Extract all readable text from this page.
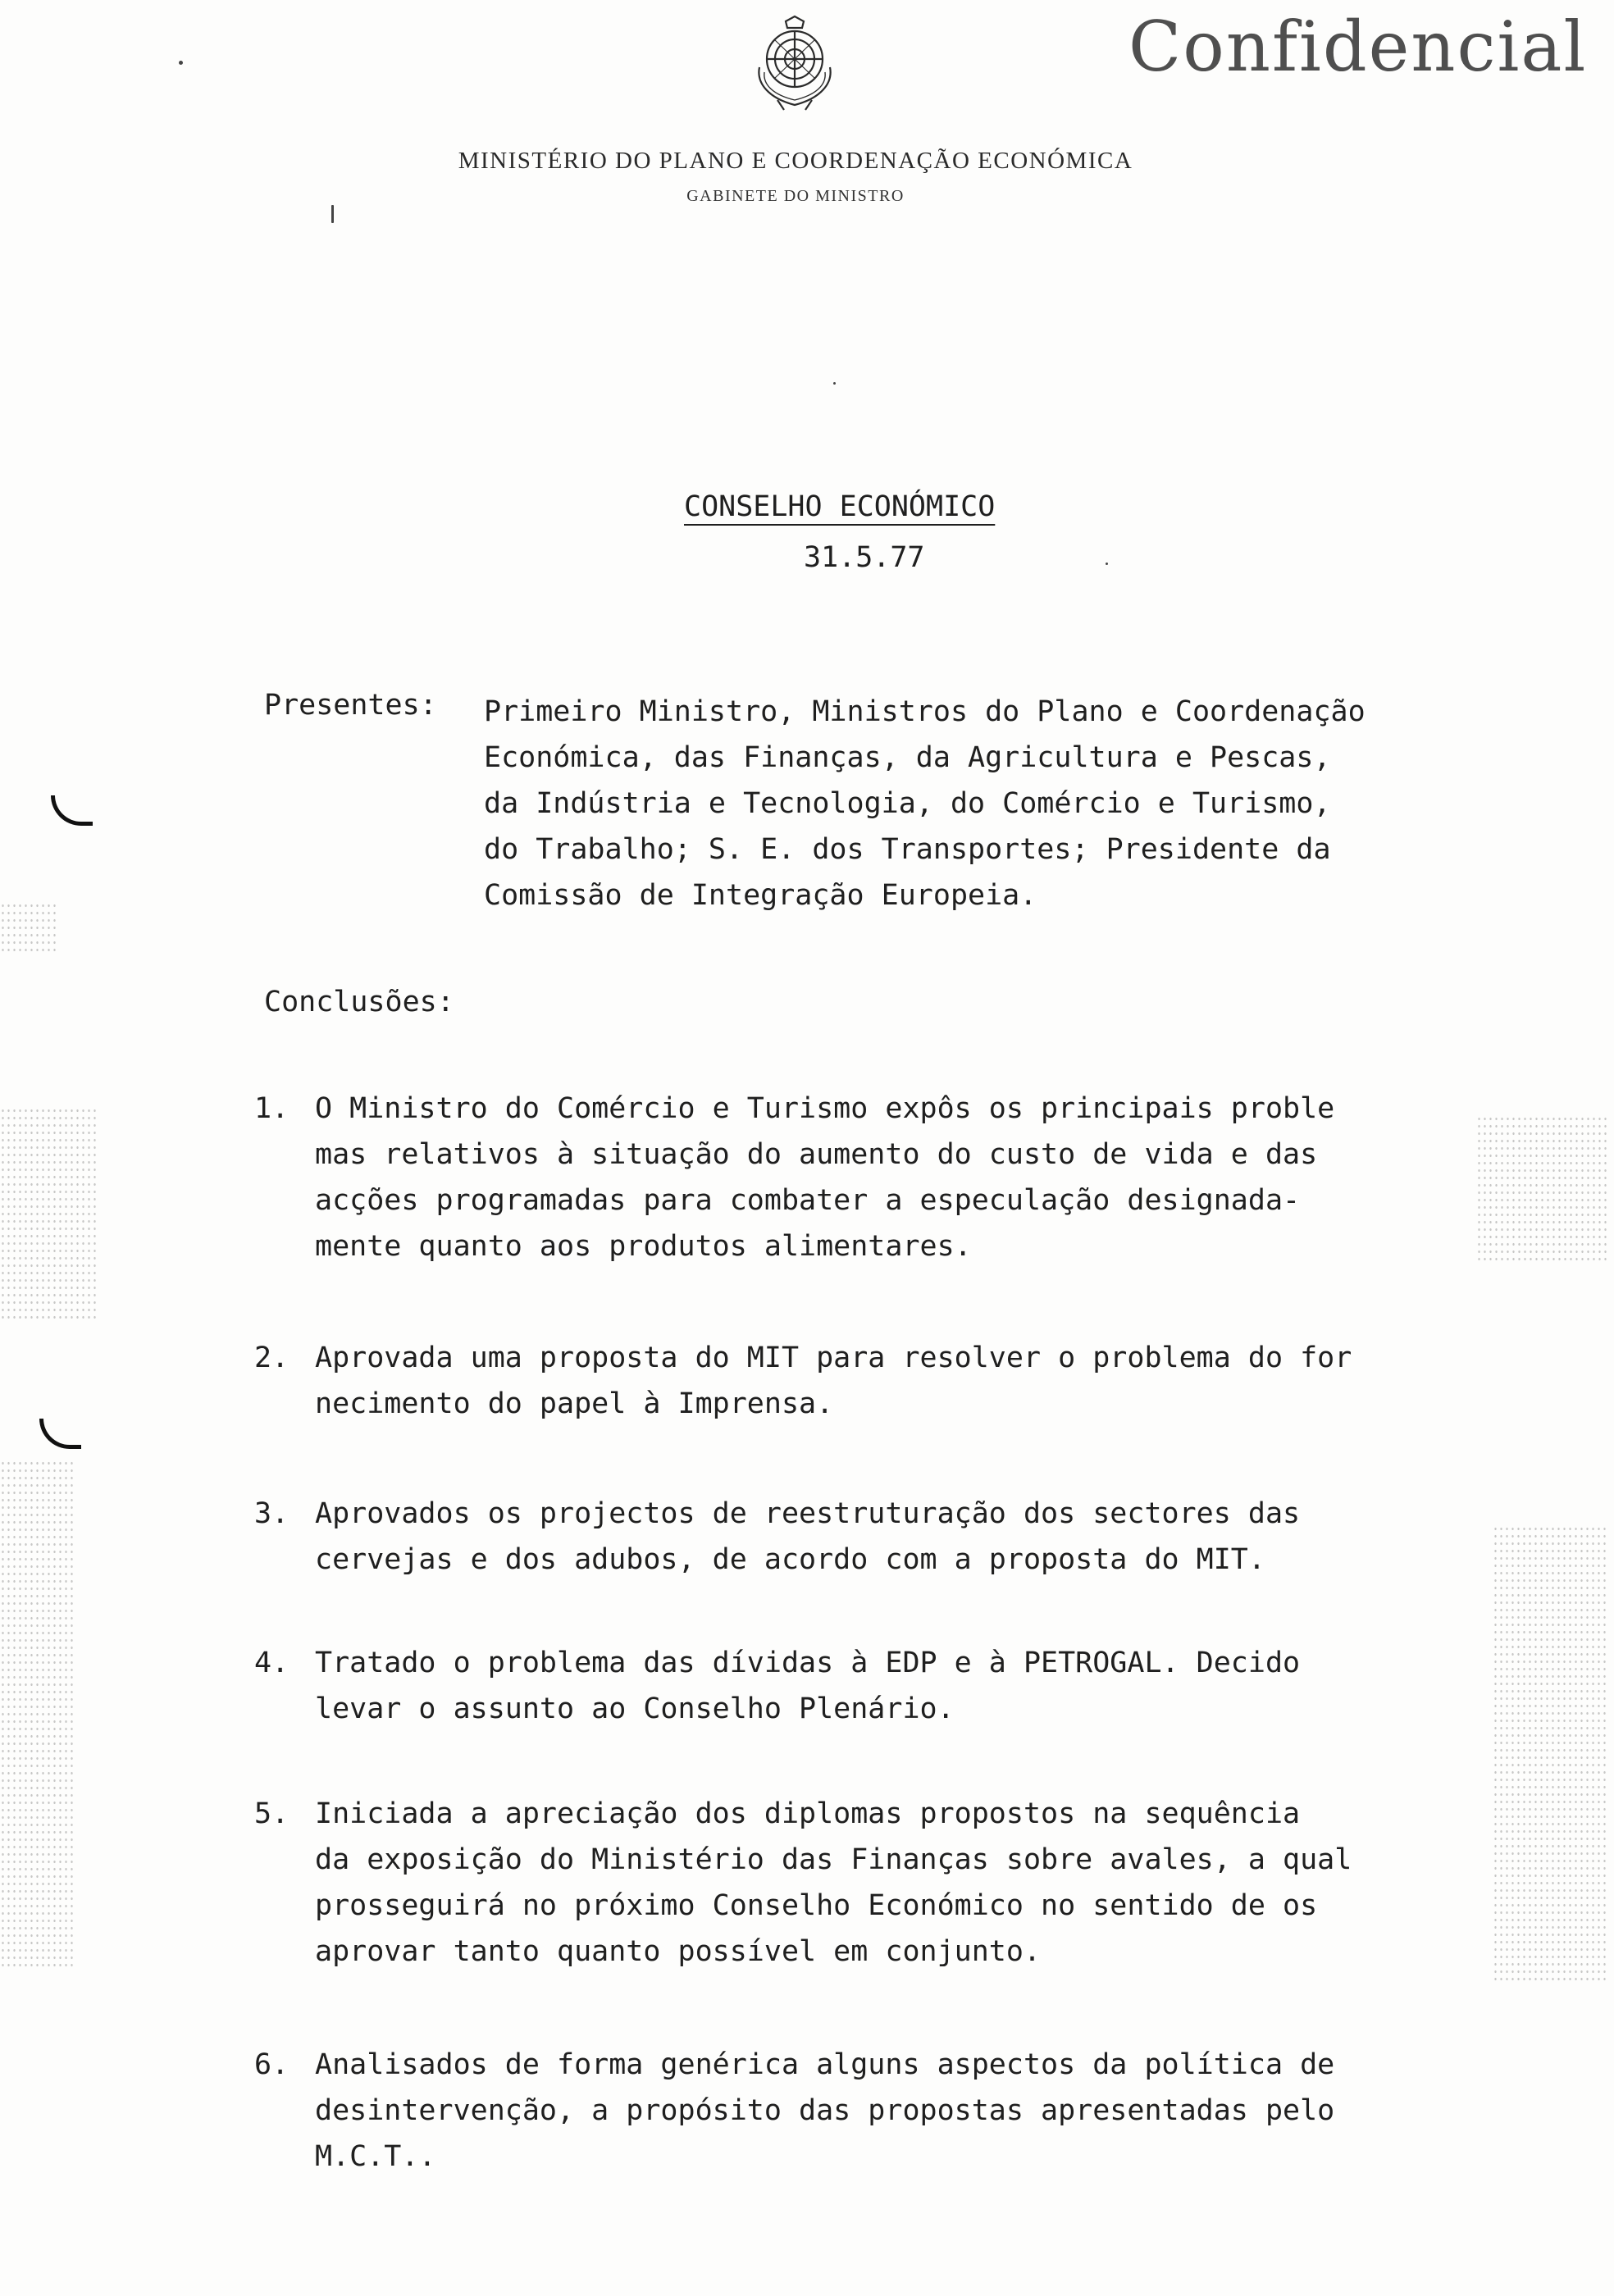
Confidencial
MINISTÉRIO DO PLANO E COORDENAÇÃO ECONÓMICA
GABINETE DO MINISTRO
CONSELHO ECONÓMICO
31.5.77
Presentes: Primeiro Ministro, Ministros do Plano e Coordenação
Económica, das Finanças, da Agricultura e Pescas,
da Indústria e Tecnologia, do Comércio e Turismo,
do Trabalho; S. E. dos Transportes; Presidente da
Comissão de Integração Europeia.
Conclusões:
1. O Ministro do Comércio e Turismo expôs os principais proble
mas relativos à situação do aumento do custo de vida e das
acções programadas para combater a especulação designada-
mente quanto aos produtos alimentares.
2. Aprovada uma proposta do MIT para resolver o problema do for
necimento do papel à Imprensa.
3. Aprovados os projectos de reestruturação dos sectores das
cervejas e dos adubos, de acordo com a proposta do MIT.
4. Tratado o problema das dívidas à EDP e à PETROGAL. Decido
levar o assunto ao Conselho Plenário.
5. Iniciada a apreciação dos diplomas propostos na sequência
da exposição do Ministério das Finanças sobre avales, a qual
prosseguirá no próximo Conselho Económico no sentido de os
aprovar tanto quanto possível em conjunto.
6. Analisados de forma genérica alguns aspectos da política de
desintervenção, a propósito das propostas apresentadas pelo
M.C.T..
